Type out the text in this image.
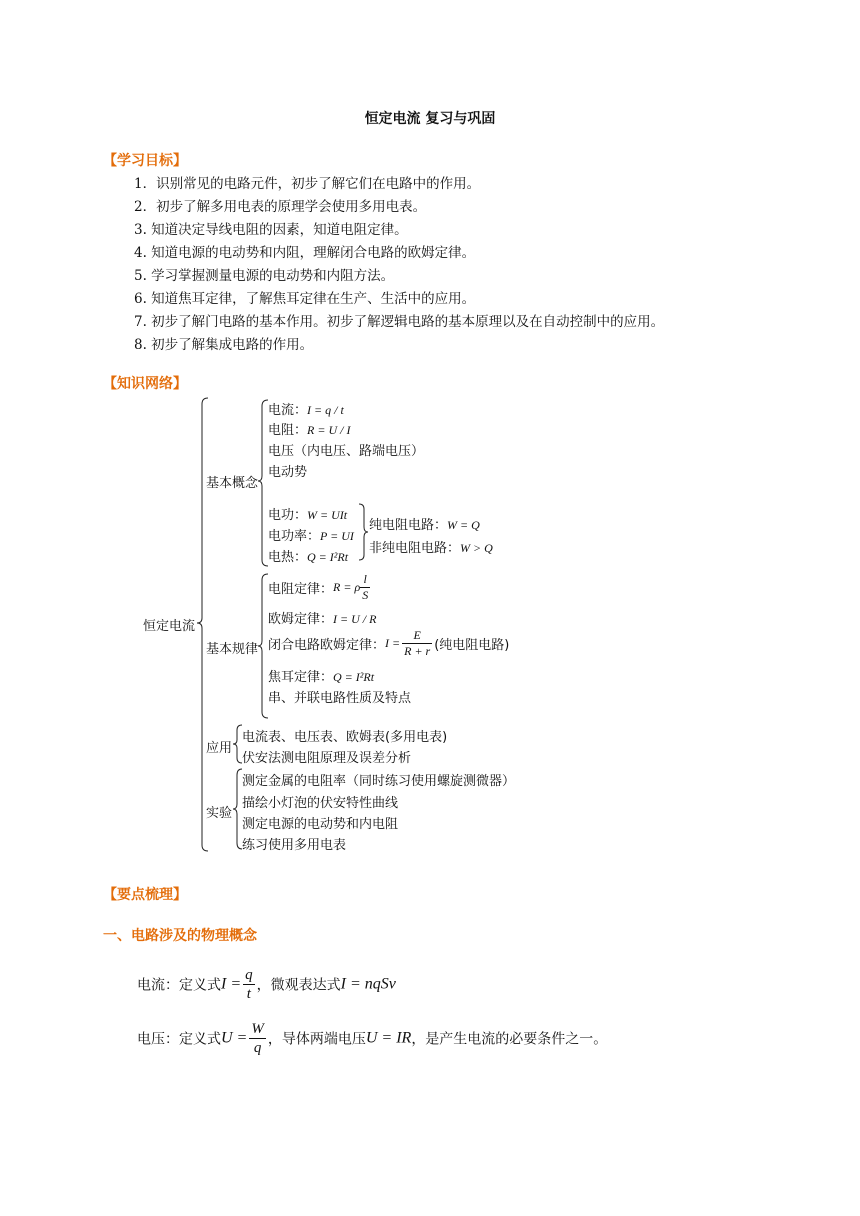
恒定电流 复习与巩固
【学习目标】
1．识别常见的电路元件，初步了解它们在电路中的作用。
2．初步了解多用电表的原理学会使用多用电表。
3. 知道决定导线电阻的因素，知道电阻定律。
4. 知道电源的电动势和内阻，理解闭合电路的欧姆定律。
5. 学习掌握测量电源的电动势和内阻方法。
6. 知道焦耳定律，了解焦耳定律在生产、生活中的应用。
7. 初步了解门电路的基本作用。初步了解逻辑电路的基本原理以及在自动控制中的应用。
8. 初步了解集成电路的作用。
【知识网络】
恒定电流
基本概念
电流：I = q / t
电阻：R = U / I
电压（内电压、路端电压）
电动势
电功：W = UIt
电功率：P = UI
电热：Q = I²Rt
纯电阻电路：W = Q
非纯电阻电路：W > Q
基本规律
电阻定律：R = ρ $\frac{l}{S}$
欧姆定律：I = U / R
闭合电路欧姆定律：$I = \frac{E}{R + r}$ (纯电阻电路)
焦耳定律：Q = I²Rt
串、并联电路性质及特点
应用
电流表、电压表、欧姆表(多用电表)
伏安法测电阻原理及误差分析
实验
测定金属的电阻率（同时练习使用螺旋测微器）
描绘小灯泡的伏安特性曲线
测定电源的电动势和内电阻
练习使用多用电表
【要点梳理】
一、电路涉及的物理概念
电流：定义式$I = \frac{q}{t}$ ，微观表达式I = nqSv
电压：定义式$U = \frac{W}{q}$ ，导体两端电压U = IR，是产生电流的必要条件之一。
